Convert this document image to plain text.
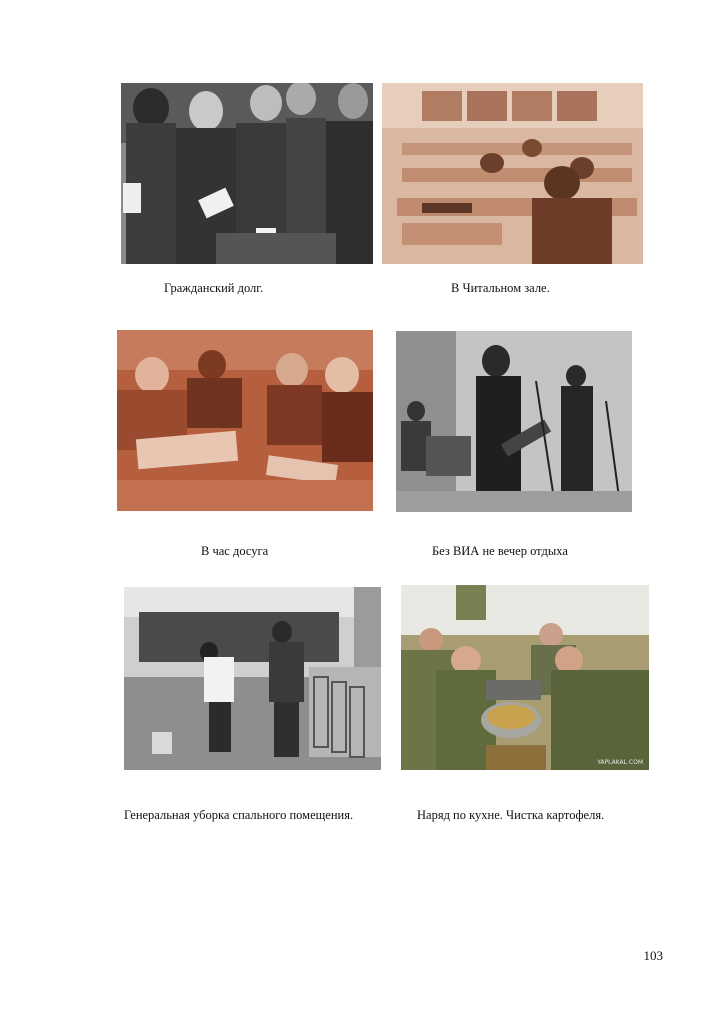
Гражданский долг.	В Читальном зале.
В час досуга	Без ВИА не вечер отдыха
Генеральная уборка спального помещения.
YAPLAKAL.COM
Наряд по кухне. Чистка картофеля.
103
